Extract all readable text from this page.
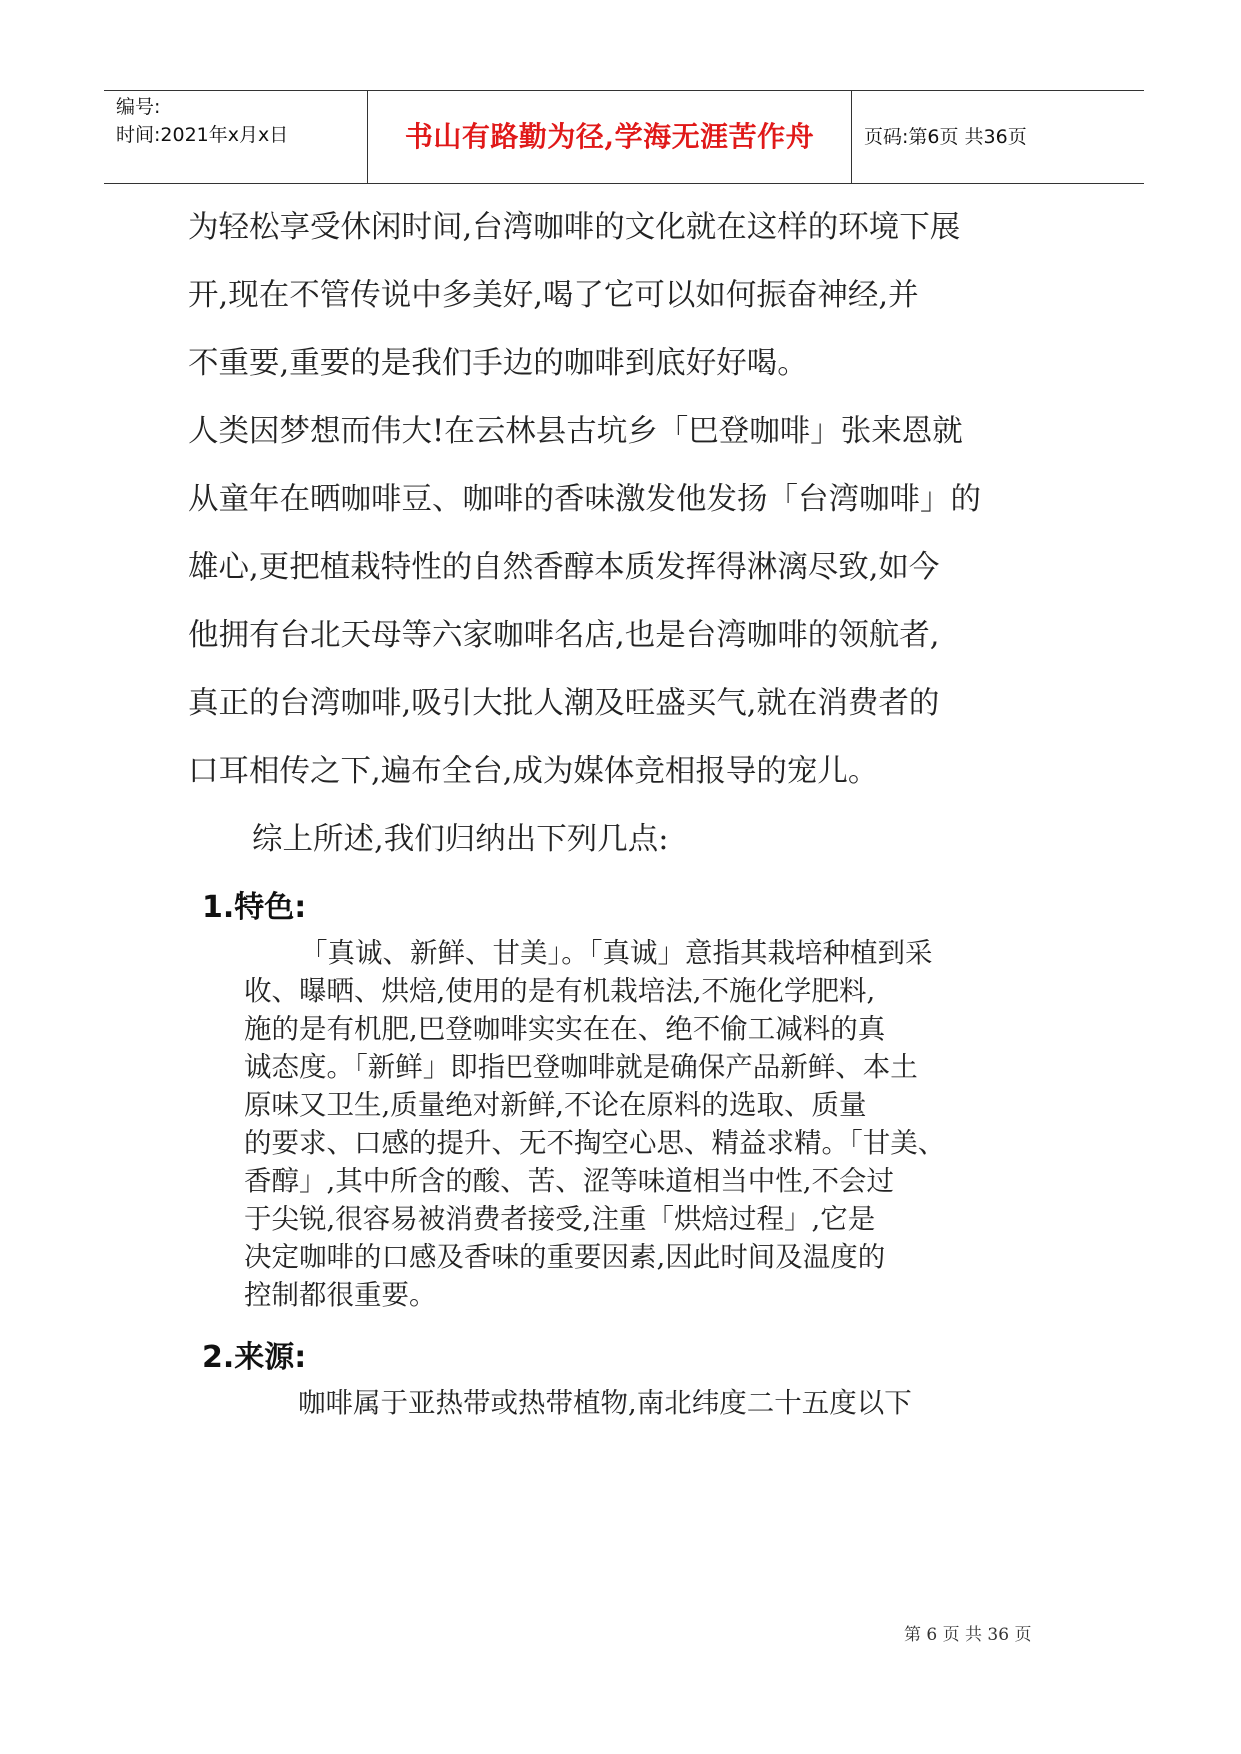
编号:
时间:2021年x月x日	书山有路勤为径,学海无涯苦作舟	页码:第6页 共36页
为轻松享受休闲时间,台湾咖啡的文化就在这样的环境下展
开,现在不管传说中多美好,喝了它可以如何振奋神经,并
不重要,重要的是我们手边的咖啡到底好好喝。
人类因梦想而伟大!在云林县古坑乡「巴登咖啡」张来恩就
从童年在晒咖啡豆、咖啡的香味激发他发扬「台湾咖啡」的
雄心,更把植栽特性的自然香醇本质发挥得淋漓尽致,如今
他拥有台北天母等六家咖啡名店,也是台湾咖啡的领航者,
真正的台湾咖啡,吸引大批人潮及旺盛买气,就在消费者的
口耳相传之下,遍布全台,成为媒体竞相报导的宠儿。
综上所述,我们归纳出下列几点:
1.特色:
「真诚、新鲜、甘美」。「真诚」意指其栽培种植到采
收、曝晒、烘焙,使用的是有机栽培法,不施化学肥料,
施的是有机肥,巴登咖啡实实在在、绝不偷工减料的真
诚态度。「新鲜」即指巴登咖啡就是确保产品新鲜、本土
原味又卫生,质量绝对新鲜,不论在原料的选取、质量
的要求、口感的提升、无不掏空心思、精益求精。「甘美、
香醇」,其中所含的酸、苦、涩等味道相当中性,不会过
于尖锐,很容易被消费者接受,注重「烘焙过程」,它是
决定咖啡的口感及香味的重要因素,因此时间及温度的
控制都很重要。
2.来源:
咖啡属于亚热带或热带植物,南北纬度二十五度以下
第 6 页 共 36 页
